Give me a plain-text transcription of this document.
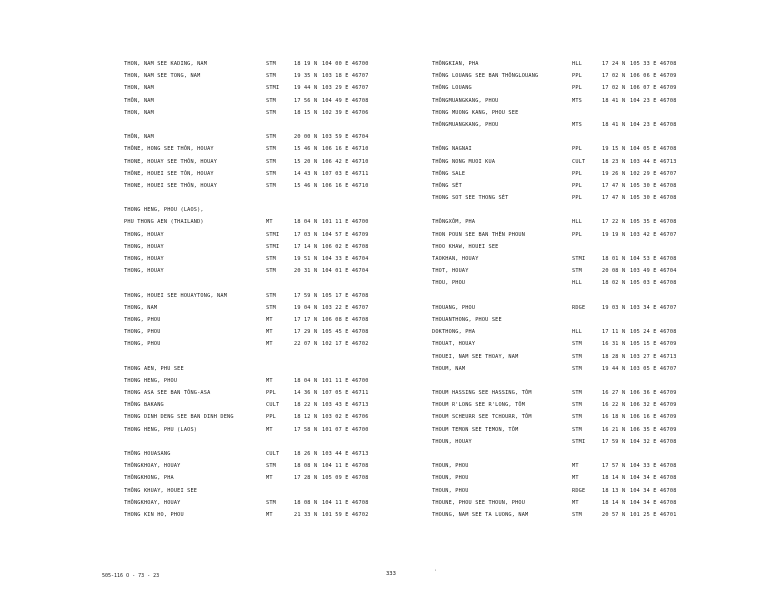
THON, NAM SEE KADING, NAM	STM	18 19 N 104 00 E 46700
THON, NAM SEE TONG, NAM	STM	19 35 N 103 18 E 46707
THON, NAM	STMI	19 44 N 103 29 E 46707
THÔN, NAM	STM	17 56 N 104 49 E 46708
THON, NAM	STM	18 15 N 102 39 E 46706
THÔN, NAM	STM	20 00 N 103 59 E 46704
THÔNE, HONG SEE THÔN, HOUAY	STM	15 46 N 106 16 E 46710
THONE, HOUAY SEE THÔN, HOUAY	STM	15 20 N 106 42 E 46710
THÔNE, HOUEI SEE TÔN, HOUAY	STM	14 43 N 107 03 E 46711
THONE, HOUEI SEE THÔN, HOUAY	STM	15 46 N 106 16 E 46710
THONG HENG, PHOU (LAOS),
PHU THONG AEN (THAILAND)	MT	18 04 N 101 11 E 46700
THONG, HOUAY	STMI	17 03 N 104 57 E 46709
THONG, HOUAY	STMI	17 14 N 106 02 E 46708
THONG, HOUAY	STM	19 51 N 104 33 E 46704
THONG, HOUAY	STM	20 31 N 104 01 E 46704
THONG, HOUEI SEE HOUAYTONG, NAM	STM	17 59 N 105 17 E 46708
THONG, NAM	STM	19 04 N 103 22 E 46707
THONG, PHOU	MT	17 17 N 106 08 E 46708
THONG, PHOU	MT	17 29 N 105 45 E 46708
THONG, PHOU	MT	22 07 N 102 17 E 46702
THONG AEN, PHU SEE
THONG HENG, PHOU	MT	18 04 N 101 11 E 46700
THONG ASA SEE BAN TÔNG-ASA	PPL	14 36 N 107 05 E 46711
THÔNG BAKANG	CULT	18 22 N 103 43 E 46713
THONG DINH DENG SEE BAN DINH DENG	PPL	18 12 N 103 02 E 46706
THONG HENG, PHU (LAOS)	MT	17 58 N 101 07 E 46700
THÔNG HOUASANG	CULT	18 26 N 103 44 E 46713
THÔNGKHOAY, HOUAY	STM	18 08 N 104 11 E 46708
THÔNGKHONG, PHA	MT	17 28 N 105 09 E 46708
THÔNG KHUAY, HOUEI SEE
THÔNGKHOAY, HOUAY	STM	18 08 N 104 11 E 46708
THONG KIN HO, PHOU	MT	21 33 N 101 59 E 46702
THÔNGKIAN, PHA	HLL	17 24 N 105 33 E 46708
THÔNG LOUANG SEE BAN THÔNGLOUANG	PPL	17 02 N 106 06 E 46709
THÔNG LOUANG	PPL	17 02 N 106 07 E 46709
THÔNGMUANGKANG, PHOU	MTS	18 41 N 104 23 E 46708
THONG MUONG KANG, PHOU SEE
THÔNGMUANGKANG, PHOU	MTS	18 41 N 104 23 E 46708
THÔNG NAGNAI	PPL	19 15 N 104 05 E 46708
THÔNG NONG MUOI KUA	CULT	18 23 N 103 44 E 46713
THÔNG SALE	PPL	19 26 N 102 29 E 46707
THÔNG SÉT	PPL	17 47 N 105 30 E 46708
THONG SOT SEE THONG SÉT	PPL	17 47 N 105 30 E 46708
THÔNGXÔM, PHA	HLL	17 22 N 105 35 E 46708
THON POUN SEE BAN THÈN PHOUN	PPL	19 19 N 103 42 E 46707
THOO KHAW, HOUEI SEE
TAOKHAN, HOUAY	STMI	18 01 N 104 53 E 46708
THOT, HOUAY	STM	20 08 N 103 49 E 46704
THOU, PHOU	HLL	18 02 N 105 03 E 46708
THOUANG, PHOU	RDGE	19 03 N 103 34 E 46707
THOUANTHONG, PHOU SEE
DOKTHONG, PHA	HLL	17 11 N 105 24 E 46708
THOUAT, HOUAY	STM	16 31 N 105 15 E 46709
THOUEI, NAM SEE THOAY, NAM	STM	18 28 N 103 27 E 46713
THOUM, NAM	STM	19 44 N 103 05 E 46707
THOUM HASSING SEE HASSING, TÔM	STM	16 27 N 106 36 E 46709
THOUM R'LONG SEE R'LONG, TÔM	STM	16 22 N 106 32 E 46709
THOUM SCHEURR SEE TCHOURR, TÔM	STM	16 18 N 106 16 E 46709
THOUM TEMON SEE TEMON, TÔM	STM	16 21 N 106 35 E 46709
THOUN, HOUAY	STMI	17 59 N 104 32 E 46708
THOUN, PHOU	MT	17 57 N 104 33 E 46708
THOUN, PHOU	MT	18 14 N 104 34 E 46708
THOUN, PHOU	RDGE	18 13 N 104 34 E 46708
THOUNE, PHOU SEE THOUN, PHOU	MT	18 14 N 104 34 E 46708
THOUNG, NAM SEE TA LUONG, NAM	STM	20 57 N 101 25 E 46701
505-116 O - 73 - 23	333	'
